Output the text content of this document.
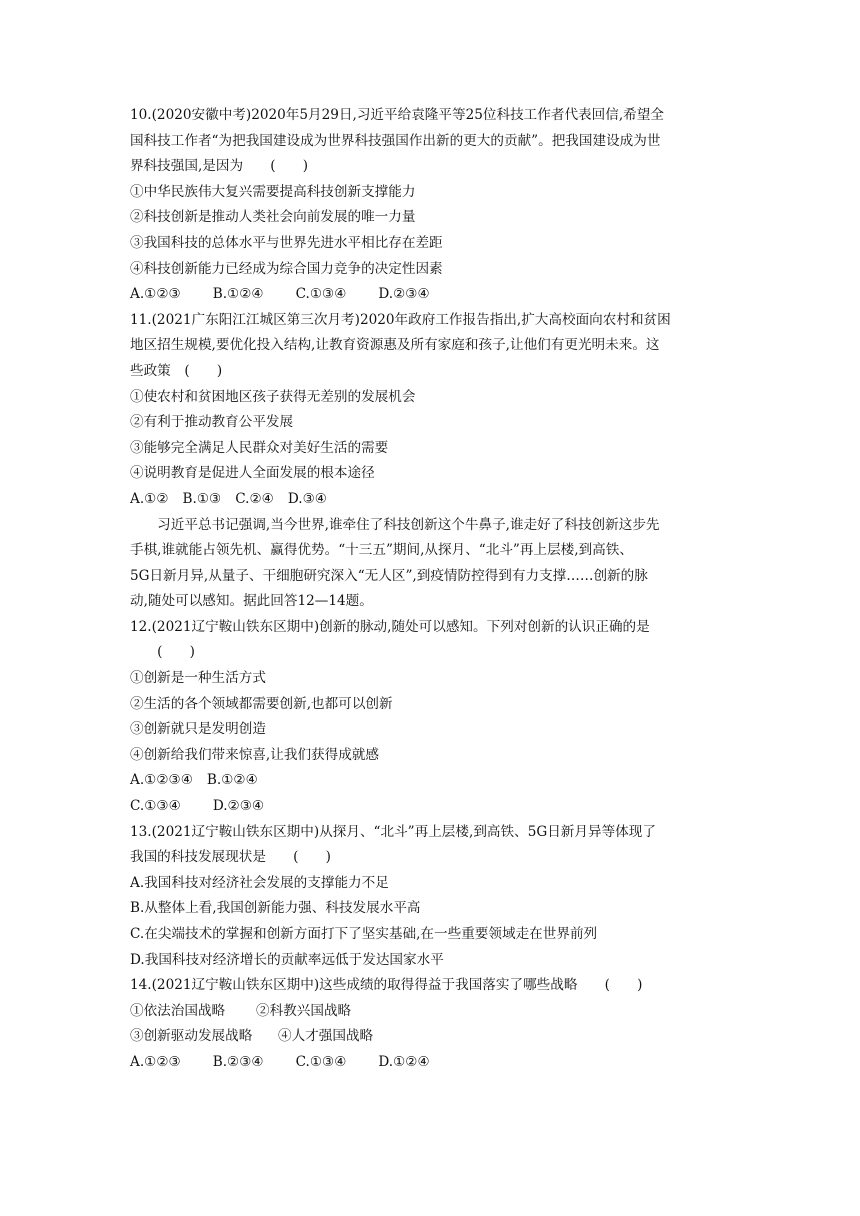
10.(2020安徽中考)2020年5月29日,习近平给袁隆平等25位科技工作者代表回信,希望全
国科技工作者“为把我国建设成为世界科技强国作出新的更大的贡献”。把我国建设成为世
界科技强国,是因为　　(　　)
①中华民族伟大复兴需要提高科技创新支撑能力
②科技创新是推动人类社会向前发展的唯一力量
③我国科技的总体水平与世界先进水平相比存在差距
④科技创新能力已经成为综合国力竞争的决定性因素
A.①②③ B.①②④ C.①③④ D.②③④
11.(2021广东阳江江城区第三次月考)2020年政府工作报告指出,扩大高校面向农村和贫困
地区招生规模,要优化投入结构,让教育资源惠及所有家庭和孩子,让他们有更光明未来。这
些政策　(　　)
①使农村和贫困地区孩子获得无差别的发展机会
②有利于推动教育公平发展
③能够完全满足人民群众对美好生活的需要
④说明教育是促进人全面发展的根本途径
A.①② B.①③ C.②④ D.③④
　　习近平总书记强调,当今世界,谁牵住了科技创新这个牛鼻子,谁走好了科技创新这步先
手棋,谁就能占领先机、赢得优势。“十三五”期间,从探月、“北斗”再上层楼,到高铁、
5G日新月异,从量子、干细胞研究深入“无人区”,到疫情防控得到有力支撑……创新的脉
动,随处可以感知。据此回答12—14题。
12.(2021辽宁鞍山铁东区期中)创新的脉动,随处可以感知。下列对创新的认识正确的是
　　(　　)
①创新是一种生活方式
②生活的各个领域都需要创新,也都可以创新
③创新就只是发明创造
④创新给我们带来惊喜,让我们获得成就感
A.①②③④ B.①②④
C.①③④ D.②③④
13.(2021辽宁鞍山铁东区期中)从探月、“北斗”再上层楼,到高铁、5G日新月异等体现了
我国的科技发展现状是　　(　　)
A.我国科技对经济社会发展的支撑能力不足
B.从整体上看,我国创新能力强、科技发展水平高
C.在尖端技术的掌握和创新方面打下了坚实基础,在一些重要领域走在世界前列
D.我国科技对经济增长的贡献率远低于发达国家水平
14.(2021辽宁鞍山铁东区期中)这些成绩的取得得益于我国落实了哪些战略　　(　　)
①依法治国战略 ②科教兴国战略
③创新驱动发展战略 ④人才强国战略
A.①②③ B.②③④ C.①③④ D.①②④
